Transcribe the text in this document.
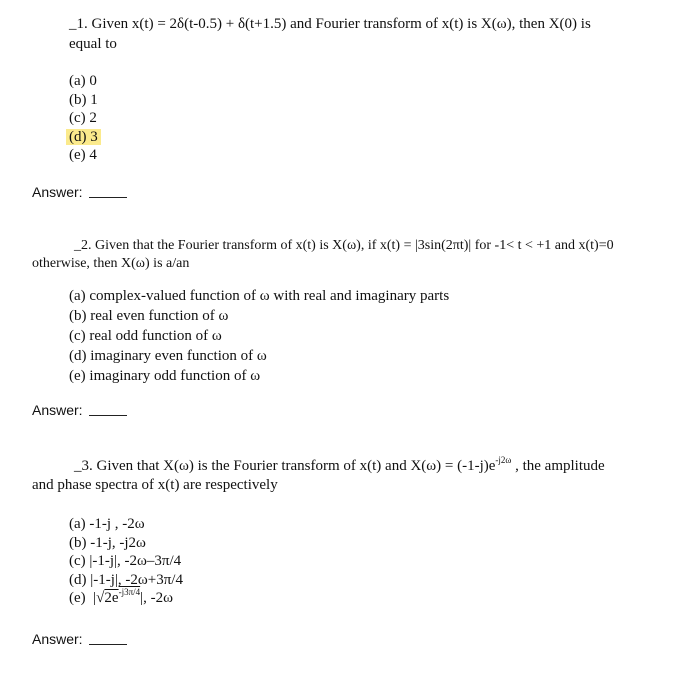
_1. Given x(t) = 2δ(t-0.5) + δ(t+1.5) and Fourier transform of x(t) is X(ω), then X(0) is
equal to
(a) 0
(b) 1
(c) 2
(d) 3
(e) 4
Answer:
_2. Given that the Fourier transform of x(t) is X(ω), if x(t) = |3sin(2πt)| for -1< t < +1 and x(t)=0
otherwise, then X(ω) is a/an
(a) complex-valued function of ω with real and imaginary parts
(b) real even function of ω
(c) real odd function of ω
(d) imaginary even function of ω
(e) imaginary odd function of ω
Answer:
_3. Given that X(ω) is the Fourier transform of x(t) and $X(\omega) = (-1-j)e^{-j2\omega}$ , the amplitude
and phase spectra of x(t) are respectively
(a) -1-j , -2ω
(b) -1-j, -j2ω
(c) |-1-j|, -2ω–3π/4
(d) |-1-j|, -2ω+3π/4
(e) $|√2e^{-j3\pi/4}|$, -2ω
Answer:
